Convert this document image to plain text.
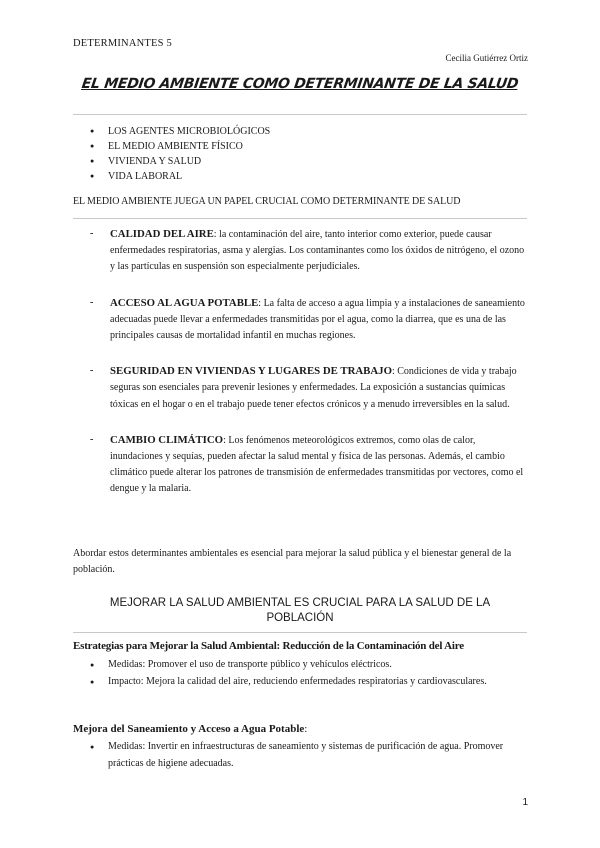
DETERMINANTES 5
Cecilia Gutiérrez Ortiz
EL MEDIO AMBIENTE COMO DETERMINANTE DE LA SALUD
● LOS AGENTES MICROBIOLÓGICOS
● EL MEDIO AMBIENTE FÍSICO
● VIVIENDA Y SALUD
● VIDA LABORAL
EL MEDIO AMBIENTE JUEGA UN PAPEL CRUCIAL COMO DETERMINANTE DE SALUD
- CALIDAD DEL AIRE: la contaminación del aire, tanto interior como exterior, puede causar enfermedades respiratorias, asma y alergias. Los contaminantes como los óxidos de nitrógeno, el ozono y las partículas en suspensión son especialmente perjudiciales.
- ACCESO AL AGUA POTABLE: La falta de acceso a agua limpia y a instalaciones de saneamiento adecuadas puede llevar a enfermedades transmitidas por el agua, como la diarrea, que es una de las principales causas de mortalidad infantil en muchas regiones.
- SEGURIDAD EN VIVIENDAS Y LUGARES DE TRABAJO: Condiciones de vida y trabajo seguras son esenciales para prevenir lesiones y enfermedades. La exposición a sustancias químicas tóxicas en el hogar o en el trabajo puede tener efectos crónicos y a menudo irreversibles en la salud.
- CAMBIO CLIMÁTICO: Los fenómenos meteorológicos extremos, como olas de calor, inundaciones y sequías, pueden afectar la salud mental y física de las personas. Además, el cambio climático puede alterar los patrones de transmisión de enfermedades transmitidas por vectores, como el dengue y la malaria.
Abordar estos determinantes ambientales es esencial para mejorar la salud pública y el bienestar general de la población.
MEJORAR LA SALUD AMBIENTAL ES CRUCIAL PARA LA SALUD DE LA POBLACIÓN
Estrategias para Mejorar la Salud Ambiental: Reducción de la Contaminación del Aire
● Medidas: Promover el uso de transporte público y vehículos eléctricos.
● Impacto: Mejora la calidad del aire, reduciendo enfermedades respiratorias y cardiovasculares.
Mejora del Saneamiento y Acceso a Agua Potable:
● Medidas: Invertir en infraestructuras de saneamiento y sistemas de purificación de agua. Promover prácticas de higiene adecuadas.
1
